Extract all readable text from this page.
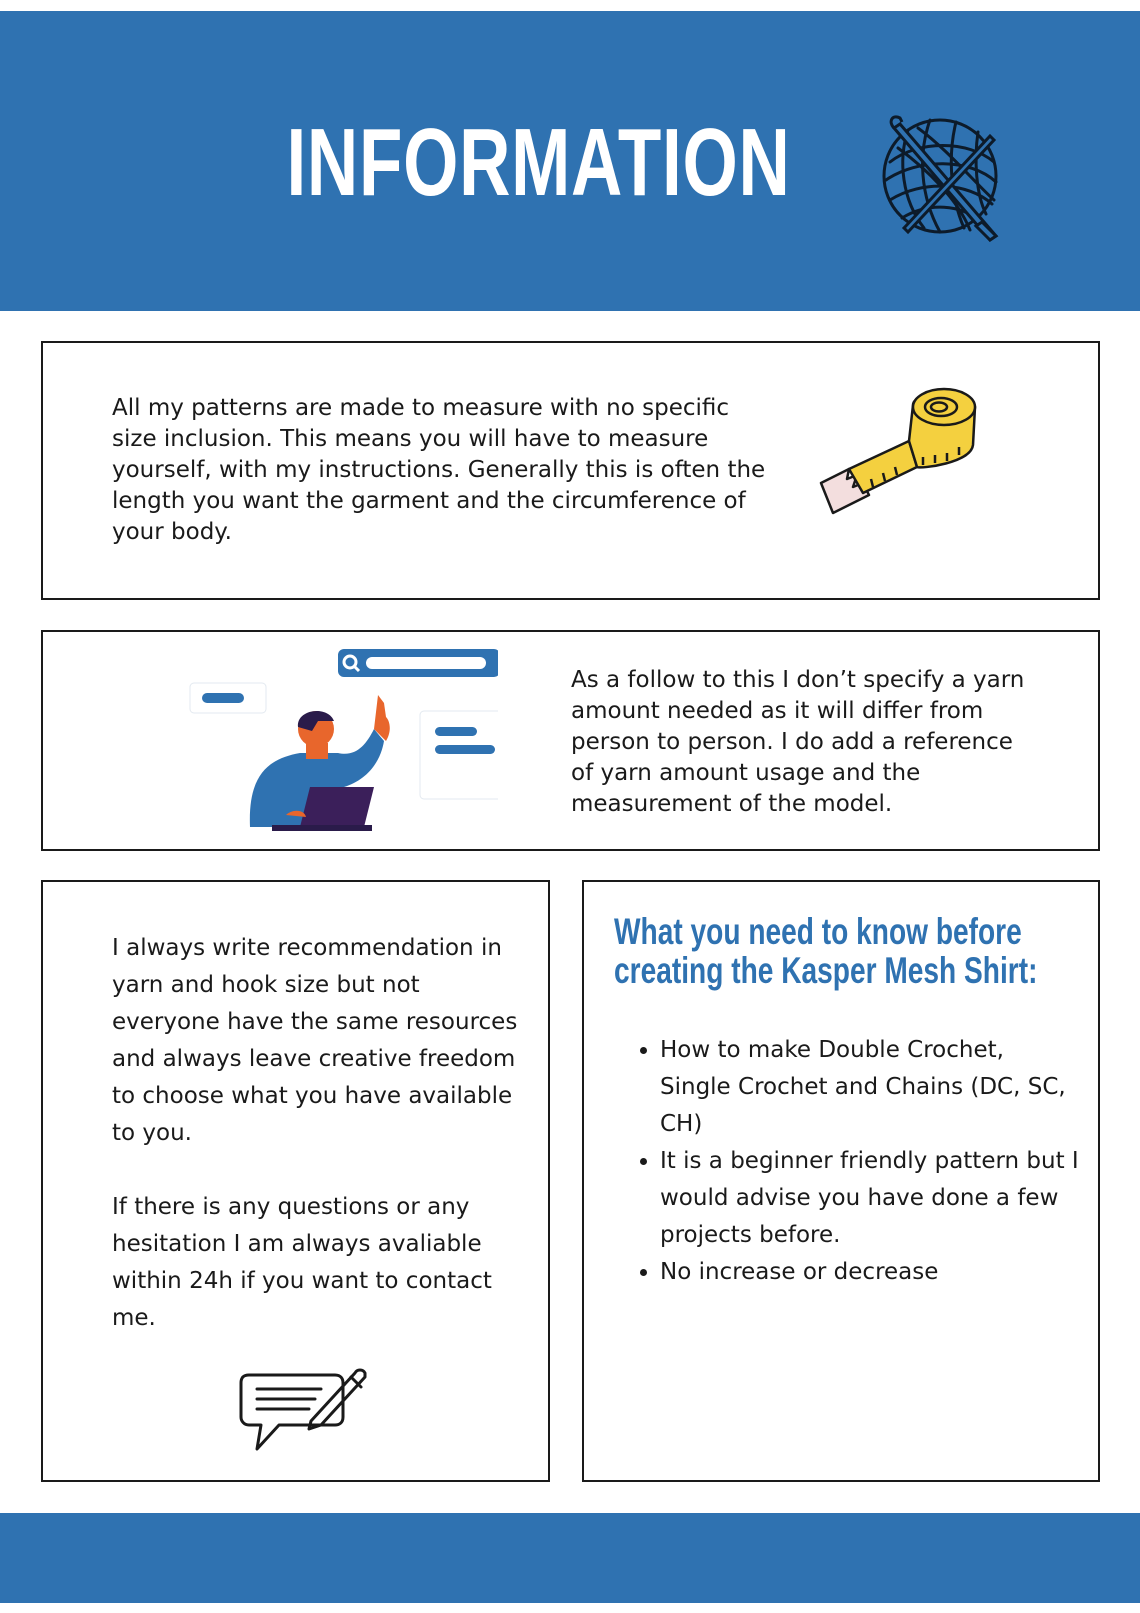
INFORMATION

All my patterns are made to measure with no specific size inclusion. This means you will have to measure yourself, with my instructions. Generally this is often the length you want the garment and the circumference of your body.

As a follow to this I don’t specify a yarn amount needed as it will differ from person to person. I do add a reference of yarn amount usage and the measurement of the model.

I always write recommendation in yarn and hook size but not everyone have the same resources and always leave creative freedom to choose what you have available to you.

If there is any questions or any hesitation I am always avaliable within 24h if you want to contact me.

What you need to know before creating the Kasper Mesh Shirt:
• How to make Double Crochet, Single Crochet and Chains (DC, SC, CH)
• It is a beginner friendly pattern but I would advise you have done a few projects before.
• No increase or decrease
